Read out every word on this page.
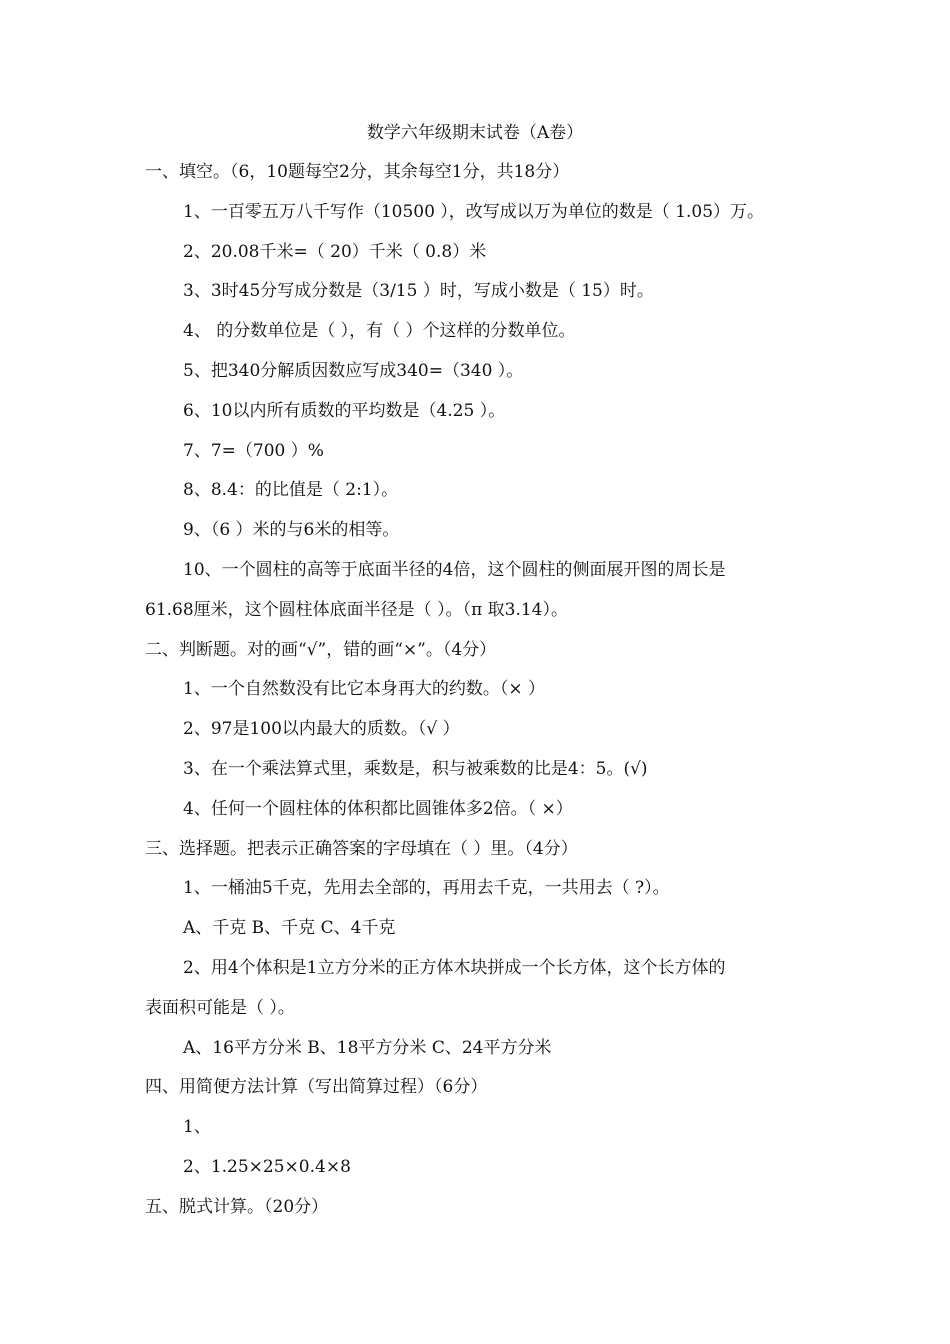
数学六年级期末试卷（A卷）
一、填空。（6，10题每空2分，其余每空1分，共18分）
1、一百零五万八千写作（10500 ），改写成以万为单位的数是（ 1.05）万。
2、20.08千米=（ 20）千米（ 0.8）米
3、3时45分写成分数是（3/15 ）时，写成小数是（ 15）时。
4、 的分数单位是（ ），有（ ）个这样的分数单位。
5、把340分解质因数应写成340=（340 ）。
6、10以内所有质数的平均数是（4.25 ）。
7、7=（700 ）%
8、8.4：的比值是（ 2:1）。
9、（6 ）米的与6米的相等。
10、一个圆柱的高等于底面半径的4倍，这个圆柱的侧面展开图的周长是
61.68厘米，这个圆柱体底面半径是（ ）。（π 取3.14）。
二、判断题。对的画“√”，错的画“×”。（4分）
1、一个自然数没有比它本身再大的约数。（× ）
2、97是100以内最大的质数。（√ ）
3、在一个乘法算式里，乘数是，积与被乘数的比是4：5。(√)
4、任何一个圆柱体的体积都比圆锥体多2倍。（ ×）
三、选择题。把表示正确答案的字母填在（ ）里。（4分）
1、一桶油5千克，先用去全部的，再用去千克，一共用去（ ?）。
A、千克 B、千克 C、4千克
2、用4个体积是1立方分米的正方体木块拼成一个长方体，这个长方体的
表面积可能是（ ）。
A、16平方分米 B、18平方分米 C、24平方分米
四、用简便方法计算（写出简算过程）（6分）
1、
2、1.25×25×0.4×8
五、脱式计算。（20分）
